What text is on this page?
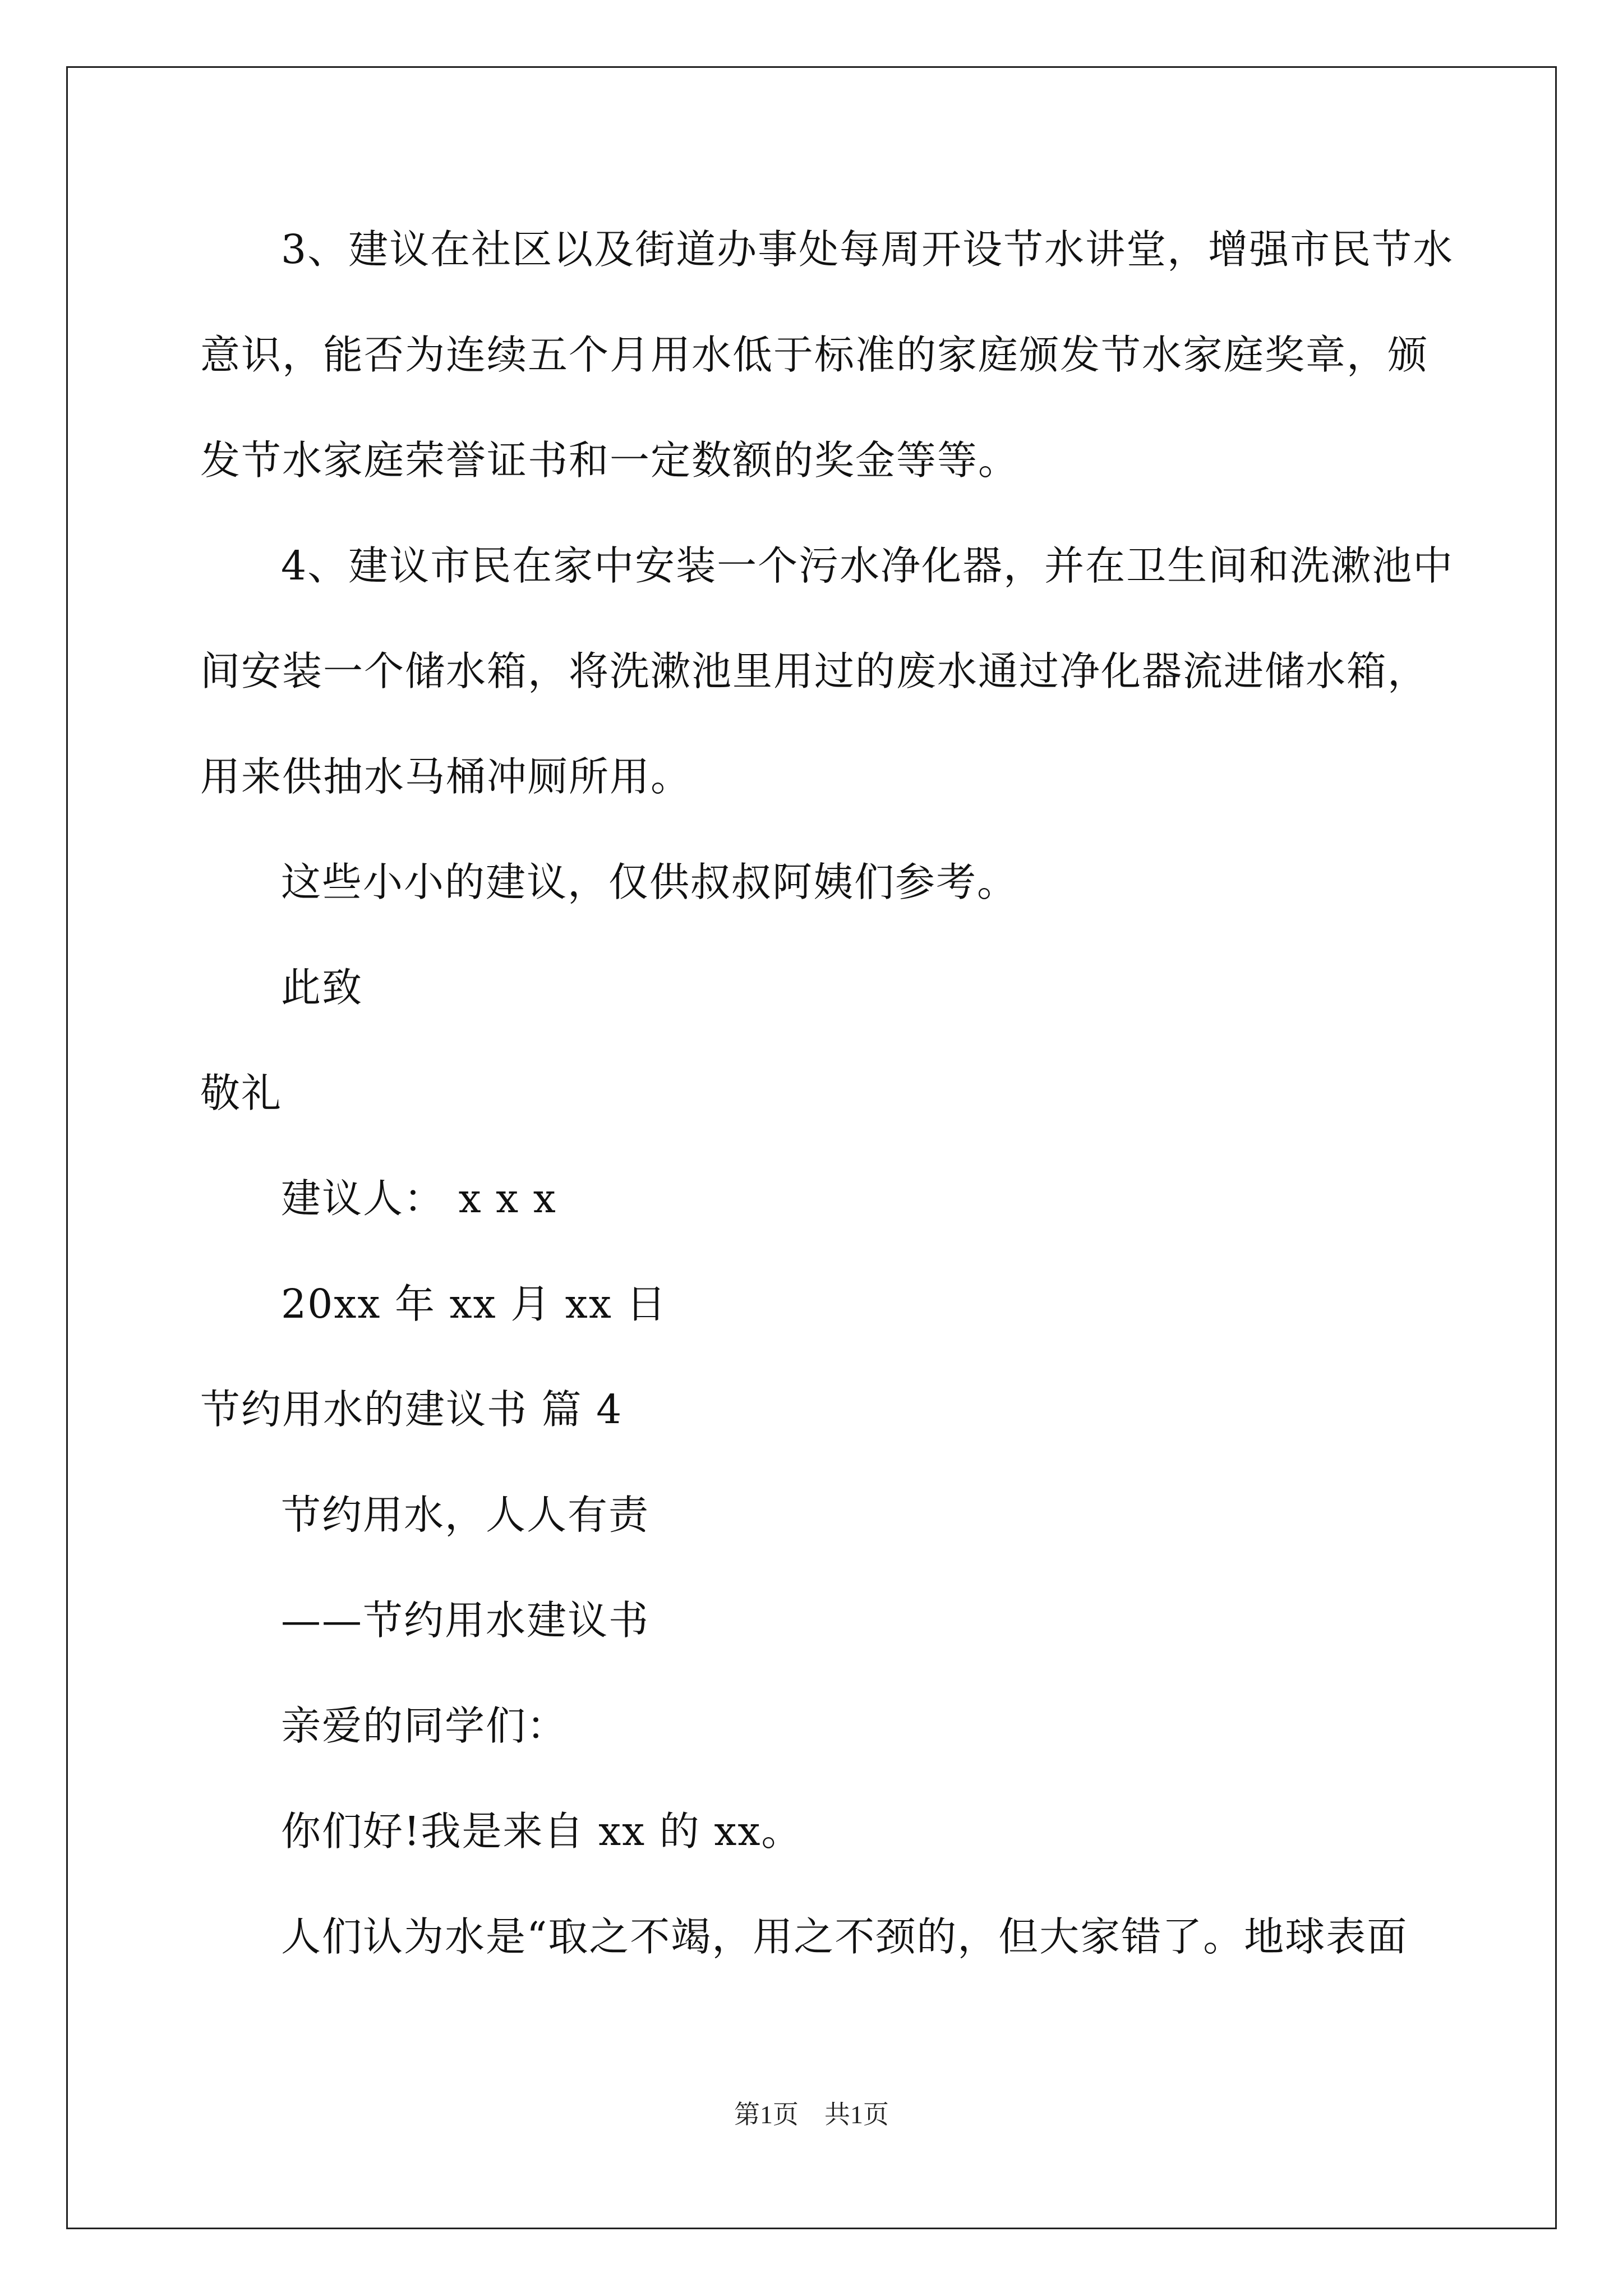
3、建议在社区以及街道办事处每周开设节水讲堂，增强市民节水
意识，能否为连续五个月用水低于标准的家庭颁发节水家庭奖章，颁
发节水家庭荣誉证书和一定数额的奖金等等。
4、建议市民在家中安装一个污水净化器，并在卫生间和洗漱池中
间安装一个储水箱，将洗漱池里用过的废水通过净化器流进储水箱，
用来供抽水马桶冲厕所用。
这些小小的建议，仅供叔叔阿姨们参考。
此致
敬礼
建议人： x x x
20xx 年 xx 月 xx 日
节约用水的建议书 篇 4
节约用水，人人有责
——节约用水建议书
亲爱的同学们：
你们好!我是来自 xx 的 xx。
人们认为水是“取之不竭，用之不颈的，但大家错了。地球表面
第1页　共1页
